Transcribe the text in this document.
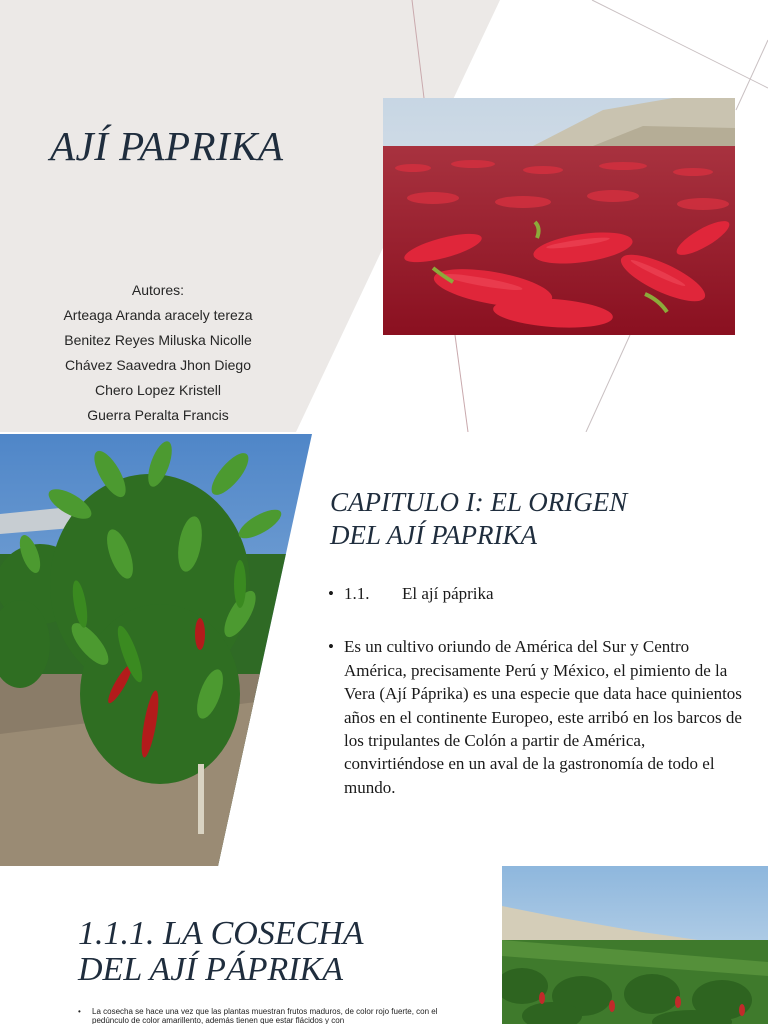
AJÍ PAPRIKA
Autores:
Arteaga Aranda aracely tereza
Benitez Reyes Miluska Nicolle
Chávez Saavedra Jhon Diego
Chero Lopez Kristell
Guerra Peralta Francis
CAPITULO I: EL ORIGEN
DEL AJÍ PAPRIKA
• 1.1.	El ají páprika
• Es un cultivo oriundo de América del Sur y Centro América, precisamente Perú y México, el pimiento de la Vera (Ají Páprika) es una especie que data hace quinientos años en el continente Europeo, este arribó en los barcos de los tripulantes de Colón a partir de América, convirtiéndose en un aval de la gastronomía de todo el mundo.
1.1.1. LA COSECHA
DEL AJÍ PÁPRIKA
•	La cosecha se hace una vez que las plantas muestran frutos maduros, de color rojo fuerte, con el pedúnculo de color amarillento, además tienen que estar flácidos y con
